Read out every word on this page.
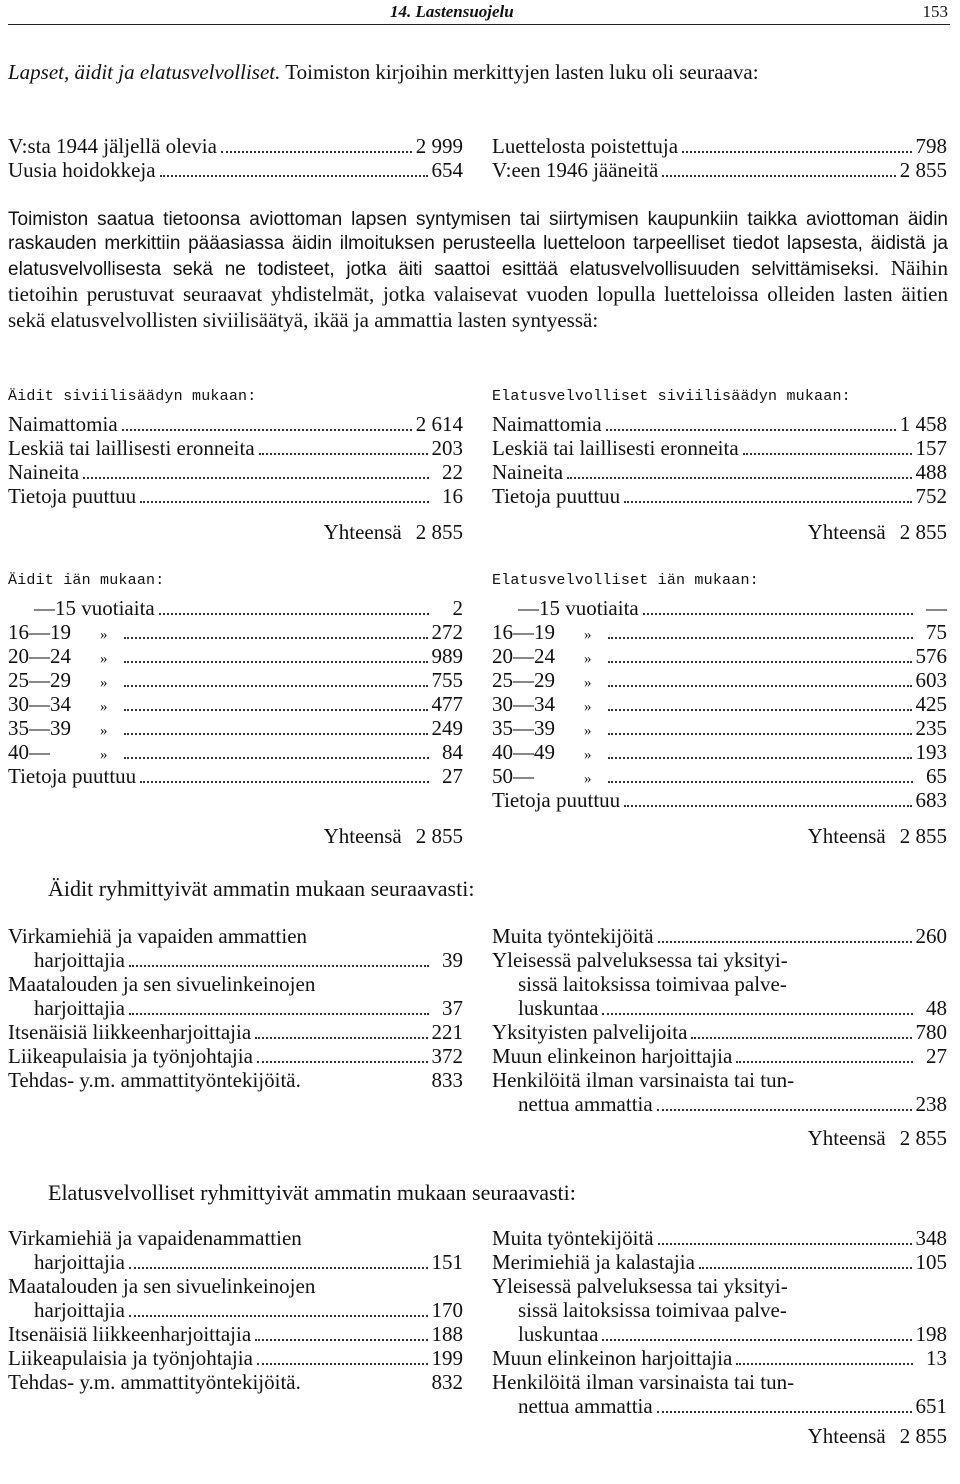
14. Lastensuojelu	153

Lapset, äidit ja elatusvelvolliset. Toimiston kirjoihin merkittyjen lasten luku oli seuraava:

V:sta 1944 jäljellä olevia	2 999
Uusia hoidokkeja	654
Luettelosta poistettuja	798
V:een 1946 jääneitä	2 855

Toimiston saatua tietoonsa aviottoman lapsen syntymisen tai siirtymisen kaupunkiin taikka aviottoman äidin raskauden merkittiin pääasiassa äidin ilmoituksen perusteella luetteloon tarpeelliset tiedot lapsesta, äidistä ja elatusvelvollisesta sekä ne todisteet, jotka äiti saattoi esittää elatusvelvollisuuden selvittämiseksi. Näihin tietoihin perustuvat seuraavat yhdistelmät, jotka valaisevat vuoden lopulla luetteloissa olleiden lasten äitien sekä elatusvelvollisten siviilisäätyä, ikää ja ammattia lasten syntyessä:

Äidit siviilisäädyn mukaan:	Elatusvelvolliset siviilisäädyn mukaan:
Naimattomia	2 614
Leskiä tai laillisesti eronneita	203
Naineita	22
Tietoja puuttuu	16
Yhteensä 2 855
Naimattomia	1 458
Leskiä tai laillisesti eronneita	157
Naineita	488
Tietoja puuttuu	752
Yhteensä 2 855
Äidit iän mukaan:	Elatusvelvolliset iän mukaan:
—15 vuotiaita	2
16—19 »	272
20—24 »	989
25—29 »	755
30—34 »	477
35—39 »	249
40—	»	84
Tietoja puuttuu	27
Yhteensä 2 855
—15 vuotiaita	—
16—19 »	75
20—24 »	576
25—29 »	603
30—34 »	425
35—39 »	235
40—49 »	193
50—	»	65
Tietoja puuttuu	683
Yhteensä 2 855
Äidit ryhmittyivät ammatin mukaan seuraavasti:
Virkamiehiä ja vapaiden ammattien
harjoittajia	39
Maatalouden ja sen sivuelinkeinojen
harjoittajia	37
Itsenäisiä liikkeenharjoittajia	221
Liikeapulaisia ja työnjohtajia	372
Tehdas- y.m. ammattityöntekijöitä.	833
Muita työntekijöitä	260
Yleisessä palveluksessa tai yksityi-
sissä laitoksissa toimivaa palve-
luskuntaa	48
Yksityisten palvelijoita	780
Muun elinkeinon harjoittajia	27
Henkilöitä ilman varsinaista tai tun-
nettua ammattia	238
Yhteensä 2 855
Elatusvelvolliset ryhmittyivät ammatin mukaan seuraavasti:
Virkamiehiä ja vapaidenammattien
harjoittajia	151
Maatalouden ja sen sivuelinkeinojen
harjoittajia	170
Itsenäisiä liikkeenharjoittajia	188
Liikeapulaisia ja työnjohtajia	199
Tehdas- y.m. ammattityöntekijöitä.	832
Muita työntekijöitä	348
Merimiehiä ja kalastajia	105
Yleisessä palveluksessa tai yksityi-
sissä laitoksissa toimivaa palve-
luskuntaa	198
Muun elinkeinon harjoittajia	13
Henkilöitä ilman varsinaista tai tun-
nettua ammattia	651
Yhteensä 2 855
